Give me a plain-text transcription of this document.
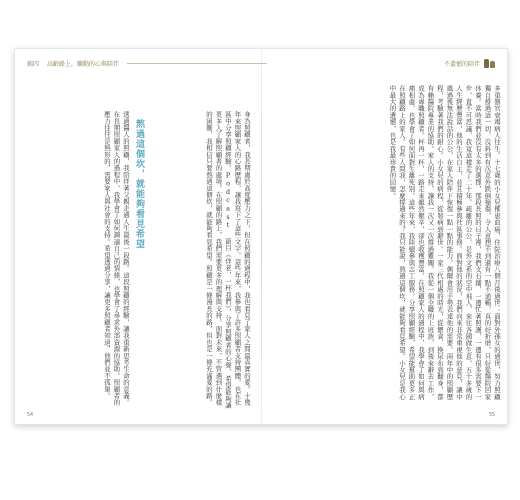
輯四 高齡路上，觸動的心與陪伴	不遺憾的陪伴

透過醫人的照顧，我陪伴著父親走過人生最後一段路。這段照顧的經驗，讓我重新思考生命的意義。在長期照顧家人的過程中，我學會了如何調適自己的情緒，也學會了尋求外部資源的協助。照顧者的壓力往往是無形的，需要家人與社會的支持。希望透過分享，讓更多照顧者知道，他們並不孤單。	熬過這個坎，就能夠看見希望	身為照顧者，我長期處於高度壓力之下，但在照顧的過程中，我也看見了家人之間最真實的愛。十幾年來照顧家人的心路歷程，讓我寫下了這些文字。這些年來，我參與了許多照顧者支持團體，也在社區中分享照顧經驗。Podcast 節目《伴老，一杯我們》，分享照顧者的心聲，希望能夠讓更多人了解照顧者的處境。在照顧的路上，我們需要更多的理解與支持。面對未來，不管遇到什麼樣的困難，我相信只要熬過這個坎，就能夠看見希望。照顧是一條漫長的路，但也是一條充滿愛的路。	多重器官衰竭病人往生。十七歲的小女兒罹患血癌，住院治療八個月後過世；面對外孫女的過世，努力照顧獨自撐過這一切，沒料到有次意外跌倒撞傷，令人意想不到還有一點不通暢，真的好折磨，只好從醫院回家休養。當時我們並沒有太多的選擇，那段長照的日子裡，我們支石鋪，一邊忙著照護，一邊有很多需要下一步，直不可思議，我竟這樣走了二十年。疏離的公公，是外文系的空中飛人，來往各國做生意，五十多歲的人生經歷豐富，他的生活自主，並且積極參與社區事務。面對他的狀況，我們向來非常重視他的意見，讓中風過後無法說話的公公，在家人陪伴下恢復一點一點的能力，偶爾會用手勢表達他的需要。兩年中的照顧歷程，考驗著我們的耐心。小女兒的病程，從發病到辭世。一家三代相處的時光，從餵食、換尿布到翻身，都有賴醫院專業的協助。家人的支持，讓我一次又一次撐過難關。我從一個全職的上班族，到後來辭去工作，成為專職照顧者。杯再一杯，一路走來雖然艱辛，卻也收穫豐富。在照顧家人的過程中，我學會了如何與病痛相處，也學會了如何面對生離死別。這些年來，我陸續參與志工服務，分享照顧經驗，希望能幫助更多正在照顧路上的家人。有些人問我，怎麼撐過來的？我只能說，熬過這個坎，就能夠看見希望。小女兒是我心中最大的遺憾，也是我最珍貴的回憶。

54	55
